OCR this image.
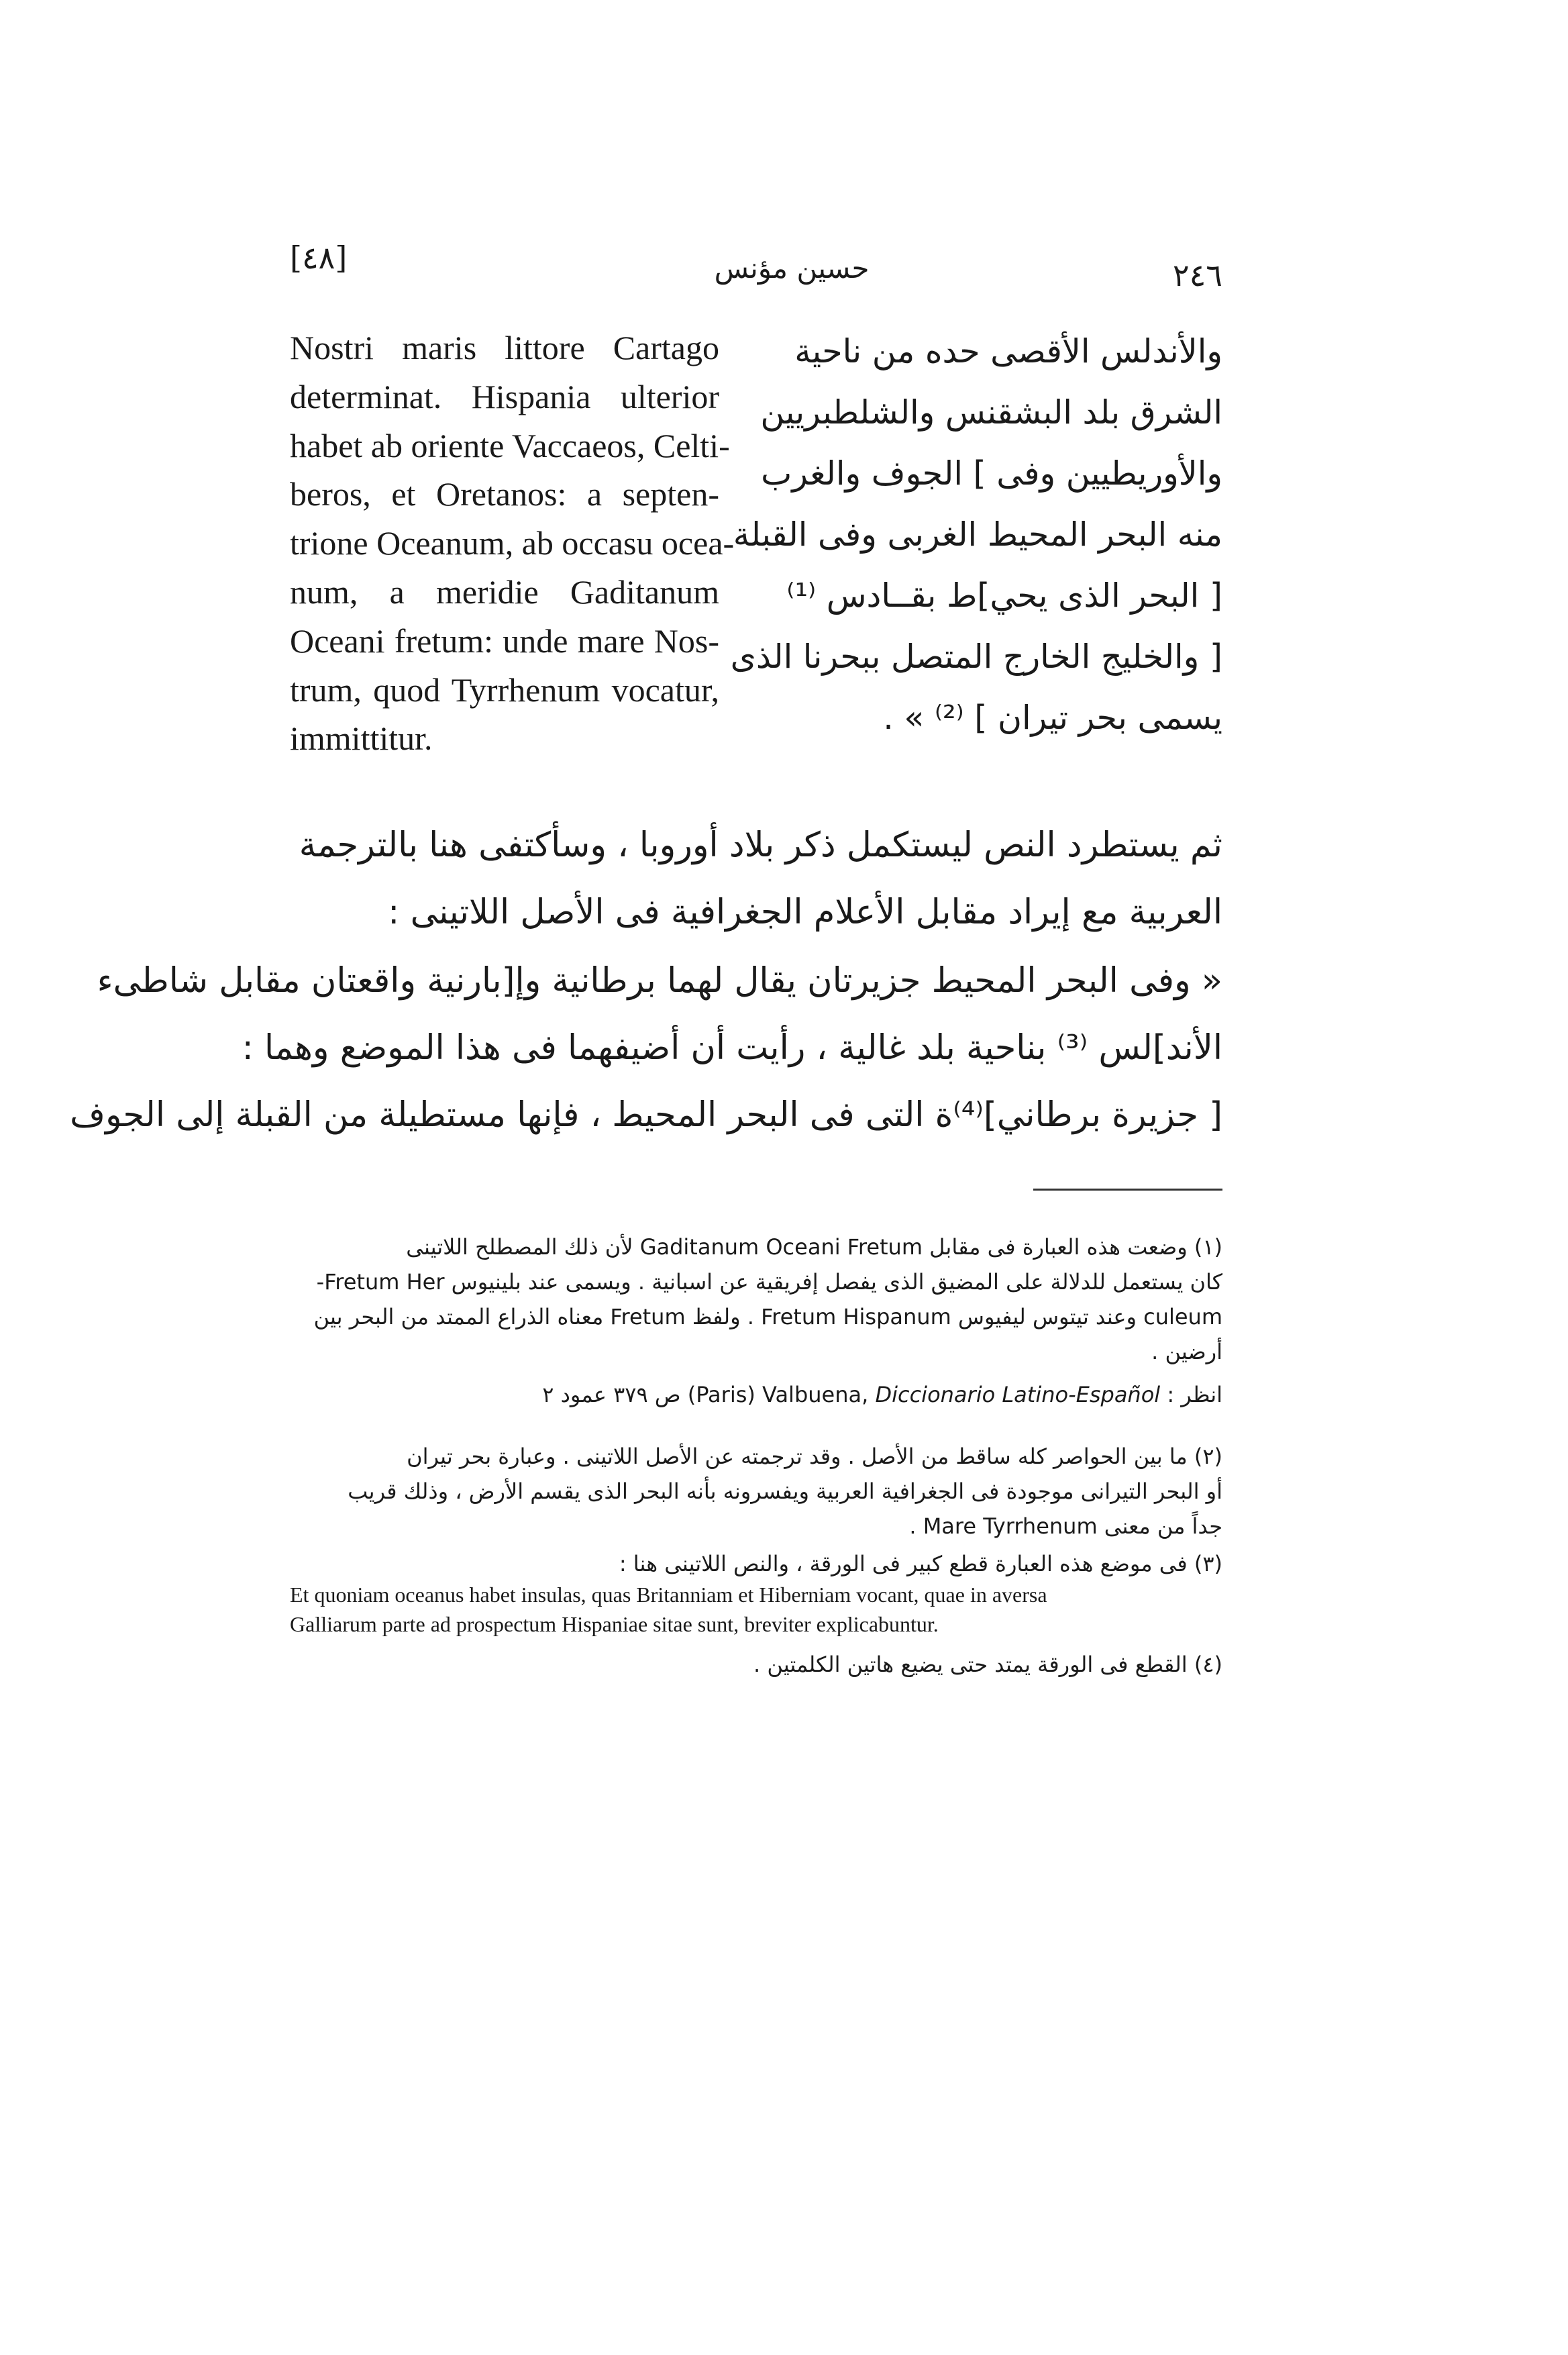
[٤٨]	حسين مؤنس	٢٤٦
Nostri maris littore Cartago
determinat. Hispania ulterior
habet ab oriente Vaccaeos, Celti-
beros, et Oretanos: a septen-
trione Oceanum, ab occasu ocea-
num, a meridie Gaditanum
Oceani fretum: unde mare Nos-
trum, quod Tyrrhenum vocatur,
immittitur.
والأندلس الأقصى حده من ناحية
الشرق بلد البشقنس والشلطبريين
والأوريطيين وفى ] الجوف والغرب
منه البحر المحيط الغربى وفى القبلة
[ البحر الذى يحي]ط بقــادس ⁽¹⁾
[ والخليج الخارج المتصل ببحرنا الذى
يسمى بحر تيران ] ⁽²⁾ » .
ثم يستطرد النص ليستكمل ذكر بلاد أوروبا ، وسأكتفى هنا بالترجمة
العربية مع إيراد مقابل الأعلام الجغرافية فى الأصل اللاتينى :
« وفى البحر المحيط جزيرتان يقال لهما برطانية وإ[بارنية واقعتان مقابل شاطىء
الأند]لس ⁽³⁾ بناحية بلد غالية ، رأيت أن أضيفهما فى هذا الموضع وهما :
[ جزيرة برطاني]⁽⁴⁾ة التى فى البحر المحيط ، فإنها مستطيلة من القبلة إلى الجوف
(١) وضعت هذه العبارة فى مقابل Gaditanum Oceani Fretum لأن ذلك المصطلح اللاتينى
كان يستعمل للدلالة على المضيق الذى يفصل إفريقية عن اسبانية . ويسمى عند بلينيوس Fretum Her-
culeum وعند تيتوس ليفيوس Fretum Hispanum . ولفظ Fretum معناه الذراع الممتد من البحر بين
أرضين .
انظر : Valbuena, Diccionario Latino-Español (Paris) ص ٣٧٩ عمود ٢
(٢) ما بين الحواصر كله ساقط من الأصل . وقد ترجمته عن الأصل اللاتينى . وعبارة بحر تيران
أو البحر التيرانى موجودة فى الجغرافية العربية ويفسرونه بأنه البحر الذى يقسم الأرض ، وذلك قريب
جداً من معنى Mare Tyrrhenum .
(٣) فى موضع هذه العبارة قطع كبير فى الورقة ، والنص اللاتينى هنا :
Et quoniam oceanus habet insulas, quas Britanniam et Hiberniam vocant, quae in aversa
Galliarum parte ad prospectum Hispaniae sitae sunt, breviter explicabuntur.
(٤) القطع فى الورقة يمتد حتى يضيع هاتين الكلمتين .
